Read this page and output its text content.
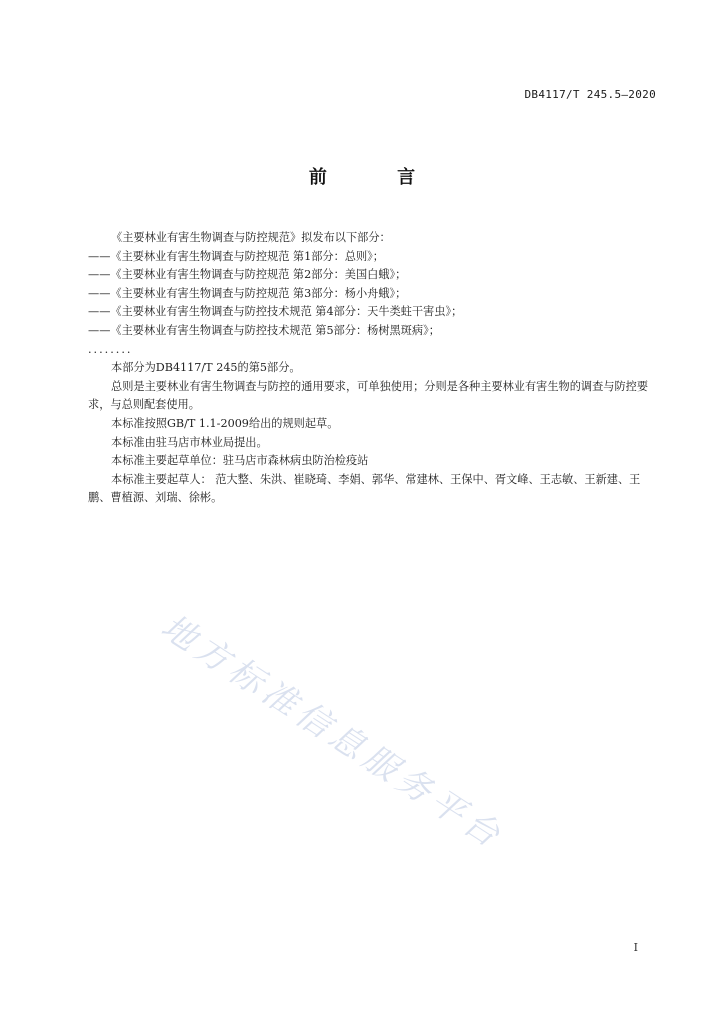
DB4117/T 245.5—2020
前 言

《主要林业有害生物调查与防控规范》拟发布以下部分：

——《主要林业有害生物调查与防控规范 第1部分：总则》；

——《主要林业有害生物调查与防控规范 第2部分：美国白蛾》；

——《主要林业有害生物调查与防控规范 第3部分：杨小舟蛾》；

——《主要林业有害生物调查与防控技术规范 第4部分：天牛类蛀干害虫》；

——《主要林业有害生物调查与防控技术规范 第5部分：杨树黑斑病》；

........

本部分为DB4117/T 245的第5部分。

总则是主要林业有害生物调查与防控的通用要求，可单独使用；分则是各种主要林业有害生物的调查与防控要求，与总则配套使用。

本标准按照GB/T 1.1-2009给出的规则起草。

本标准由驻马店市林业局提出。

本标准主要起草单位：驻马店市森林病虫防治检疫站

本标准主要起草人： 范大整、朱洪、崔晓琦、李娟、郭华、常建林、王保中、胥文峰、王志敏、王新建、王鹏、曹植源、刘瑞、徐彬。

地方标准信息服务平台
I
